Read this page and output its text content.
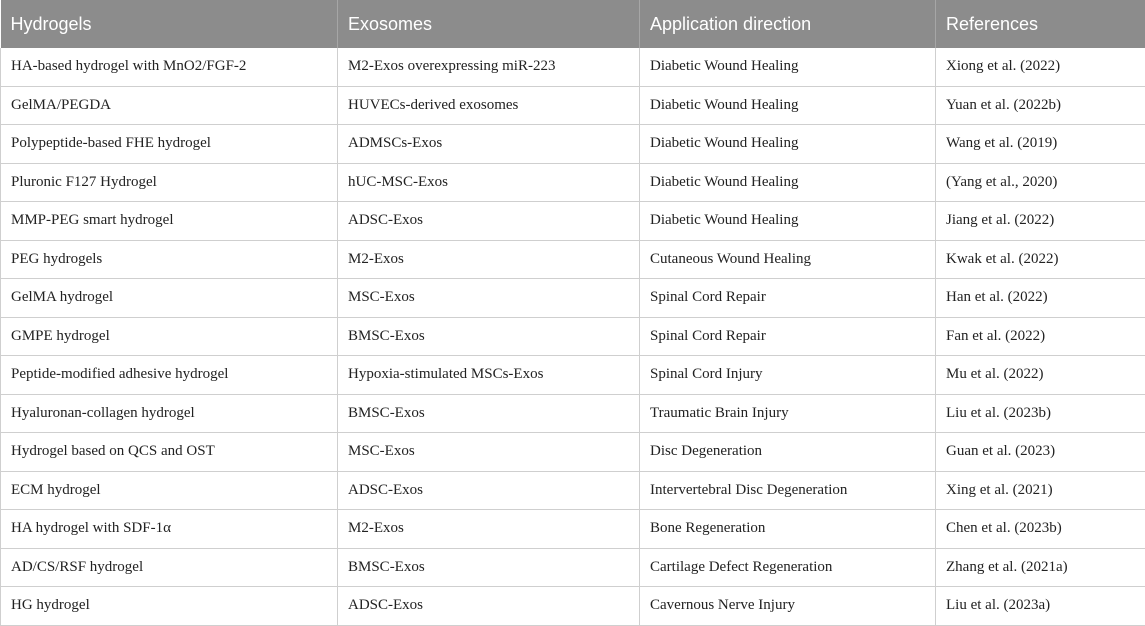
Hydrogels	Exosomes	Application direction	References
HA-based hydrogel with MnO2/FGF-2	M2-Exos overexpressing miR-223	Diabetic Wound Healing	Xiong et al. (2022)
GelMA/PEGDA	HUVECs-derived exosomes	Diabetic Wound Healing	Yuan et al. (2022b)
Polypeptide-based FHE hydrogel	ADMSCs-Exos	Diabetic Wound Healing	Wang et al. (2019)
Pluronic F127 Hydrogel	hUC-MSC-Exos	Diabetic Wound Healing	(Yang et al., 2020)
MMP-PEG smart hydrogel	ADSC-Exos	Diabetic Wound Healing	Jiang et al. (2022)
PEG hydrogels	M2-Exos	Cutaneous Wound Healing	Kwak et al. (2022)
GelMA hydrogel	MSC-Exos	Spinal Cord Repair	Han et al. (2022)
GMPE hydrogel	BMSC-Exos	Spinal Cord Repair	Fan et al. (2022)
Peptide-modified adhesive hydrogel	Hypoxia-stimulated MSCs-Exos	Spinal Cord Injury	Mu et al. (2022)
Hyaluronan-collagen hydrogel	BMSC-Exos	Traumatic Brain Injury	Liu et al. (2023b)
Hydrogel based on QCS and OST	MSC-Exos	Disc Degeneration	Guan et al. (2023)
ECM hydrogel	ADSC-Exos	Intervertebral Disc Degeneration	Xing et al. (2021)
HA hydrogel with SDF-1α	M2-Exos	Bone Regeneration	Chen et al. (2023b)
AD/CS/RSF hydrogel	BMSC-Exos	Cartilage Defect Regeneration	Zhang et al. (2021a)
HG hydrogel	ADSC-Exos	Cavernous Nerve Injury	Liu et al. (2023a)
